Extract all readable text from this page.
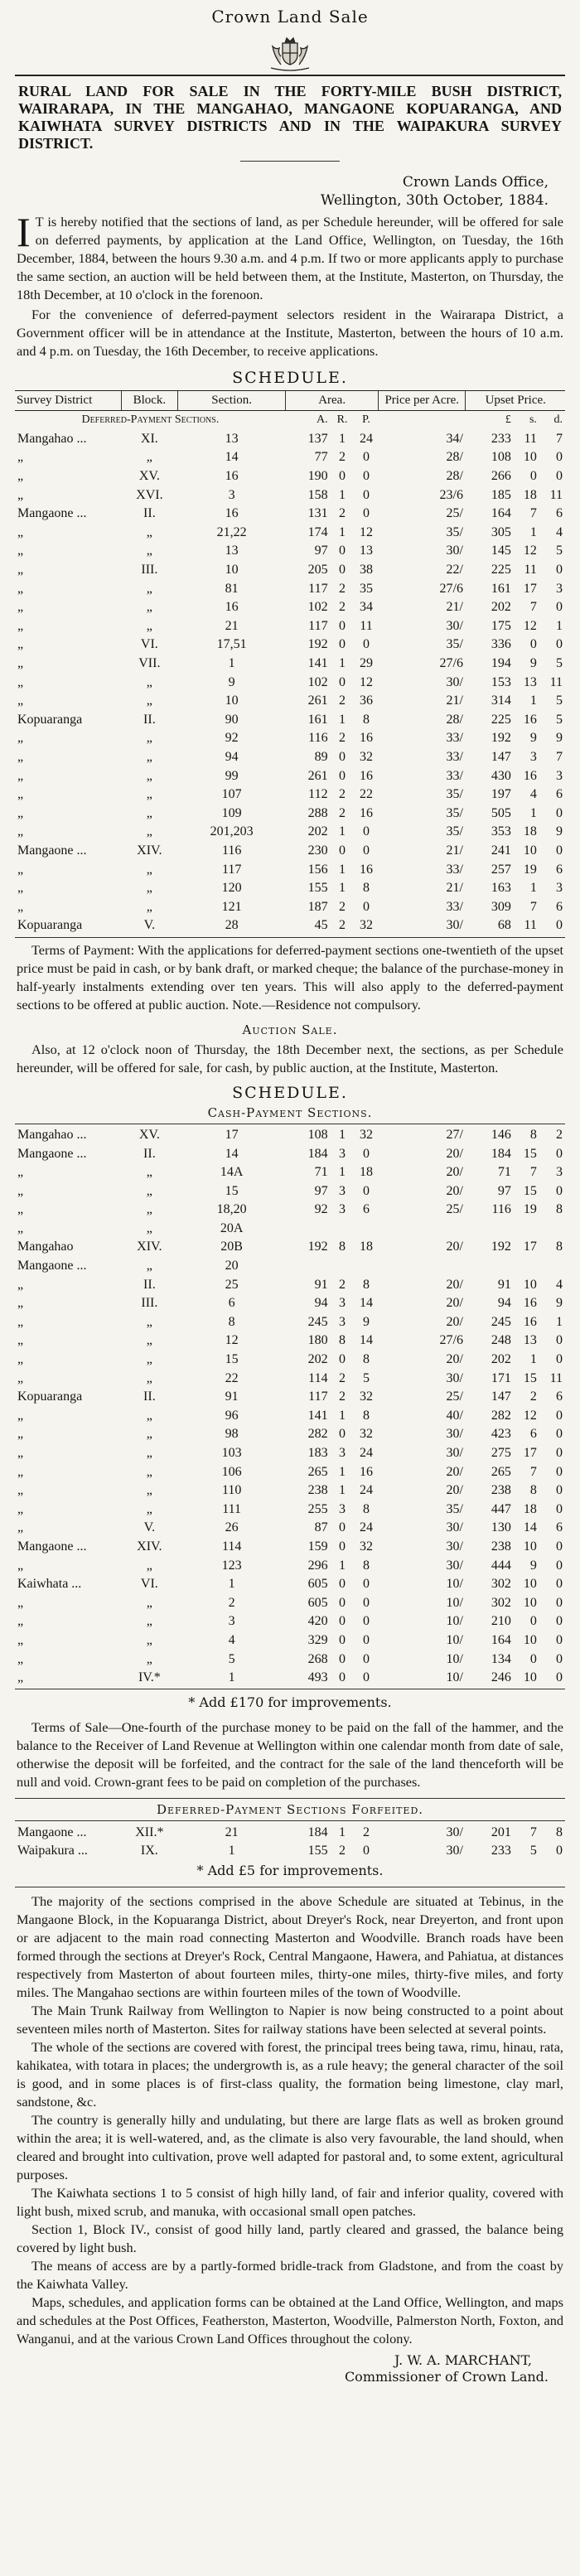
Crown Land Sale
RURAL LAND FOR SALE IN THE FORTY-MILE BUSH DISTRICT, WAIRARAPA, IN THE MANGAHAO, MANGAONE KOPUARANGA, AND KAIWHATA SURVEY DISTRICTS AND IN THE WAIPAKURA SURVEY DISTRICT.
Crown Lands Office,
Wellington, 30th October, 1884.
I T is hereby notified that the sections of land, as per Schedule hereunder, will be offered for sale on deferred payments, by application at the Land Office, Wellington, on Tuesday, the 16th December, 1884, between the hours 9.30 a.m. and 4 p.m. If two or more applicants apply to purchase the same section, an auction will be held between them, at the Institute, Masterton, on Thursday, the 18th December, at 10 o'clock in the forenoon.
For the convenience of deferred-payment selectors resident in the Wairarapa District, a Government officer will be in attendance at the Institute, Masterton, between the hours of 10 a.m. and 4 p.m. on Tuesday, the 16th December, to receive applications.
SCHEDULE.
Survey District	Block.	Section.	Area.			Price per Acre.	Upset Price.		
Deferred-Payment Sections.			A.	R.	P.		£	s.	d.
Mangahao ...	XI.	13	137	1	24	34/	233	11	7
„	„	14	77	2	0	28/	108	10	0
„	XV.	16	190	0	0	28/	266	0	0
„	XVI.	3	158	1	0	23/6	185	18	11
Mangaone ...	II.	16	131	2	0	25/	164	7	6
„	„	21,22	174	1	12	35/	305	1	4
„	„	13	97	0	13	30/	145	12	5
„	III.	10	205	0	38	22/	225	11	0
„	„	81	117	2	35	27/6	161	17	3
„	„	16	102	2	34	21/	202	7	0
„	„	21	117	0	11	30/	175	12	1
„	VI.	17,51	192	0	0	35/	336	0	0
„	VII.	1	141	1	29	27/6	194	9	5
„	„	9	102	0	12	30/	153	13	11
„	„	10	261	2	36	21/	314	1	5
Kopuaranga	II.	90	161	1	8	28/	225	16	5
„	„	92	116	2	16	33/	192	9	9
„	„	94	89	0	32	33/	147	3	7
„	„	99	261	0	16	33/	430	16	3
„	„	107	112	2	22	35/	197	4	6
„	„	109	288	2	16	35/	505	1	0
„	„	201,203	202	1	0	35/	353	18	9
Mangaone ...	XIV.	116	230	0	0	21/	241	10	0
„	„	117	156	1	16	33/	257	19	6
„	„	120	155	1	8	21/	163	1	3
„	„	121	187	2	0	33/	309	7	6
Kopuaranga	V.	28	45	2	32	30/	68	11	0
Terms of Payment: With the applications for deferred-payment sections one-twentieth of the upset price must be paid in cash, or by bank draft, or marked cheque; the balance of the purchase-money in half-yearly instalments extending over ten years. This will also apply to the deferred-payment sections to be offered at public auction. Note.—Residence not compulsory.
Auction Sale.
Also, at 12 o'clock noon of Thursday, the 18th December next, the sections, as per Schedule hereunder, will be offered for sale, for cash, by public auction, at the Institute, Masterton.
SCHEDULE.
Cash-Payment Sections.
Mangahao ...	XV.	17	108	1	32	27/	146	8	2
Mangaone ...	II.	14	184	3	0	20/	184	15	0
„	„	14A	71	1	18	20/	71	7	3
„	„	15	97	3	0	20/	97	15	0
„	„	18,20	92	3	6	25/	116	19	8
„	„	20A							
Mangahao	XIV.	20B	192	8	18	20/	192	17	8
Mangaone ...	„	20							
„	II.	25	91	2	8	20/	91	10	4
„	III.	6	94	3	14	20/	94	16	9
„	„	8	245	3	9	20/	245	16	1
„	„	12	180	8	14	27/6	248	13	0
„	„	15	202	0	8	20/	202	1	0
„	„	22	114	2	5	30/	171	15	11
Kopuaranga	II.	91	117	2	32	25/	147	2	6
„	„	96	141	1	8	40/	282	12	0
„	„	98	282	0	32	30/	423	6	0
„	„	103	183	3	24	30/	275	17	0
„	„	106	265	1	16	20/	265	7	0
„	„	110	238	1	24	20/	238	8	0
„	„	111	255	3	8	35/	447	18	0
„	V.	26	87	0	24	30/	130	14	6
Mangaone ...	XIV.	114	159	0	32	30/	238	10	0
„	„	123	296	1	8	30/	444	9	0
Kaiwhata ...	VI.	1	605	0	0	10/	302	10	0
„	„	2	605	0	0	10/	302	10	0
„	„	3	420	0	0	10/	210	0	0
„	„	4	329	0	0	10/	164	10	0
„	„	5	268	0	0	10/	134	0	0
„	IV.*	1	493	0	0	10/	246	10	0
* Add £170 for improvements.
Terms of Sale—One-fourth of the purchase money to be paid on the fall of the hammer, and the balance to the Receiver of Land Revenue at Wellington within one calendar month from date of sale, otherwise the deposit will be forfeited, and the contract for the sale of the land thenceforth will be null and void. Crown-grant fees to be paid on completion of the purchases.
Deferred-Payment Sections Forfeited.
Mangaone ...	XII.*	21	184	1	2	30/	201	7	8
Waipakura ...	IX.	1	155	2	0	30/	233	5	0
* Add £5 for improvements.
The majority of the sections comprised in the above Schedule are situated at Tebinus, in the Mangaone Block, in the Kopuaranga District, about Dreyer's Rock, near Dreyerton, and front upon or are adjacent to the main road connecting Masterton and Woodville. Branch roads have been formed through the sections at Dreyer's Rock, Central Mangaone, Hawera, and Pahiatua, at distances respectively from Masterton of about fourteen miles, thirty-one miles, thirty-five miles, and forty miles. The Mangahao sections are within fourteen miles of the town of Woodville.
The Main Trunk Railway from Wellington to Napier is now being constructed to a point about seventeen miles north of Masterton. Sites for railway stations have been selected at several points.
The whole of the sections are covered with forest, the principal trees being tawa, rimu, hinau, rata, kahikatea, with totara in places; the undergrowth is, as a rule heavy; the general character of the soil is good, and in some places is of first-class quality, the formation being limestone, clay marl, sandstone, &c.
The country is generally hilly and undulating, but there are large flats as well as broken ground within the area; it is well-watered, and, as the climate is also very favourable, the land should, when cleared and brought into cultivation, prove well adapted for pastoral and, to some extent, agricultural purposes.
The Kaiwhata sections 1 to 5 consist of high hilly land, of fair and inferior quality, covered with light bush, mixed scrub, and manuka, with occasional small open patches.
Section 1, Block IV., consist of good hilly land, partly cleared and grassed, the balance being covered by light bush.
The means of access are by a partly-formed bridle-track from Gladstone, and from the coast by the Kaiwhata Valley.
Maps, schedules, and application forms can be obtained at the Land Office, Wellington, and maps and schedules at the Post Offices, Featherston, Masterton, Woodville, Palmerston North, Foxton, and Wanganui, and at the various Crown Land Offices throughout the colony.
J. W. A. MARCHANT,
Commissioner of Crown Land.
